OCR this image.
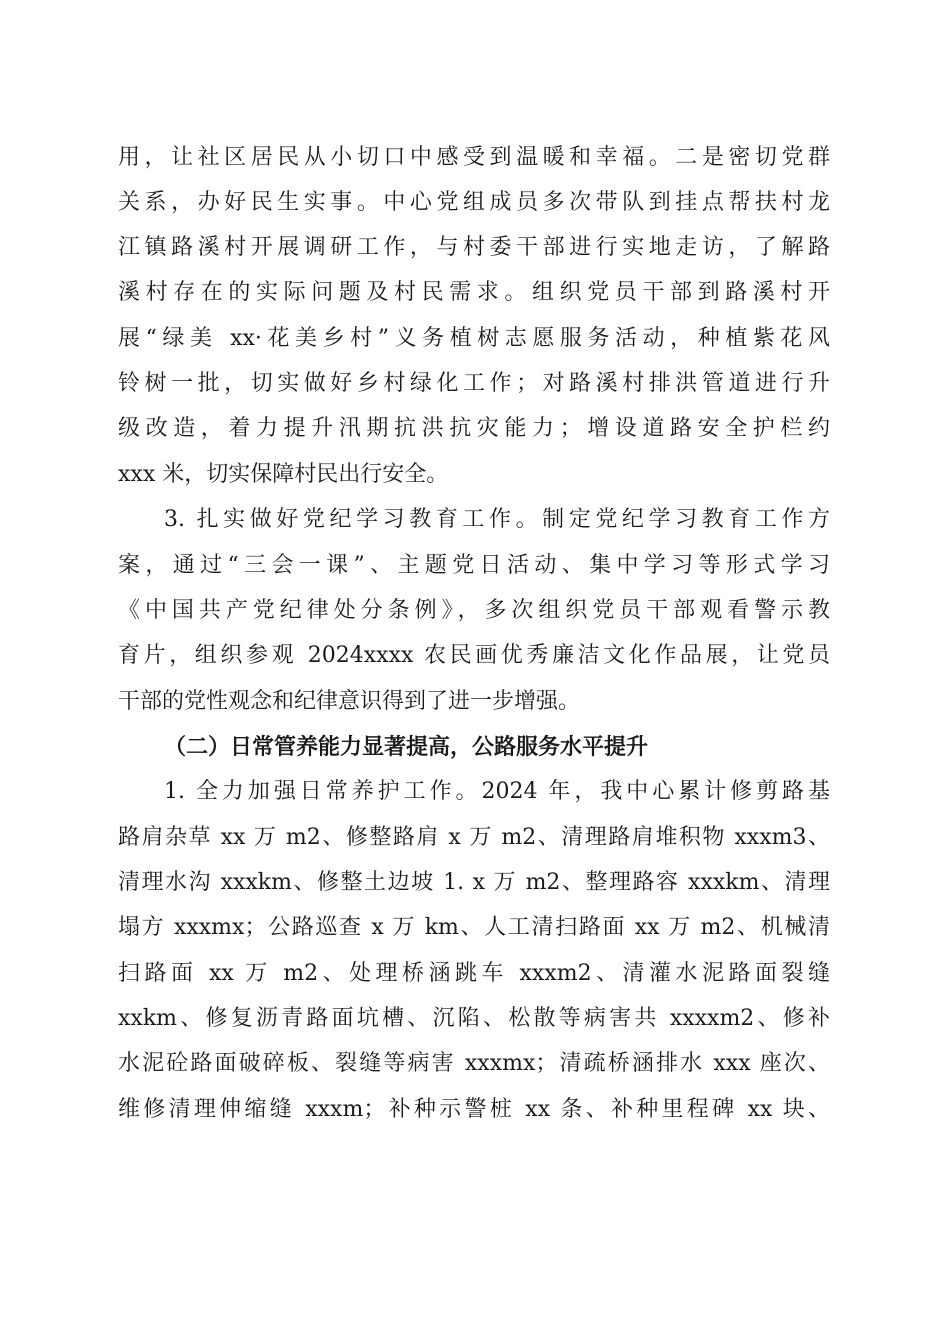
用，让社区居民从小切口中感受到温暖和幸福。二是密切党群
关系，办好民生实事。中心党组成员多次带队到挂点帮扶村龙
江镇路溪村开展调研工作，与村委干部进行实地走访，了解路
溪村存在的实际问题及村民需求。组织党员干部到路溪村开
展“绿美 xx·花美乡村”义务植树志愿服务活动，种植紫花风
铃树一批，切实做好乡村绿化工作；对路溪村排洪管道进行升
级改造，着力提升汛期抗洪抗灾能力；增设道路安全护栏约
xxx 米，切实保障村民出行安全。
3. 扎实做好党纪学习教育工作。制定党纪学习教育工作方
案，通过“三会一课”、主题党日活动、集中学习等形式学习
《中国共产党纪律处分条例》，多次组织党员干部观看警示教
育片，组织参观 2024xxxx 农民画优秀廉洁文化作品展，让党员
干部的党性观念和纪律意识得到了进一步增强。
（二）日常管养能力显著提高，公路服务水平提升
1. 全力加强日常养护工作。2024 年，我中心累计修剪路基
路肩杂草 xx 万 m2、修整路肩 x 万 m2、清理路肩堆积物 xxxm3、
清理水沟 xxxkm、修整土边坡 1. x 万 m2、整理路容 xxxkm、清理
塌方 xxxmx；公路巡查 x 万 km、人工清扫路面 xx 万 m2、机械清
扫路面 xx 万 m2、处理桥涵跳车 xxxm2、清灌水泥路面裂缝
xxkm、修复沥青路面坑槽、沉陷、松散等病害共 xxxxm2、修补
水泥砼路面破碎板、裂缝等病害 xxxmx；清疏桥涵排水 xxx 座次、
维修清理伸缩缝 xxxm；补种示警桩 xx 条、补种里程碑 xx 块、
